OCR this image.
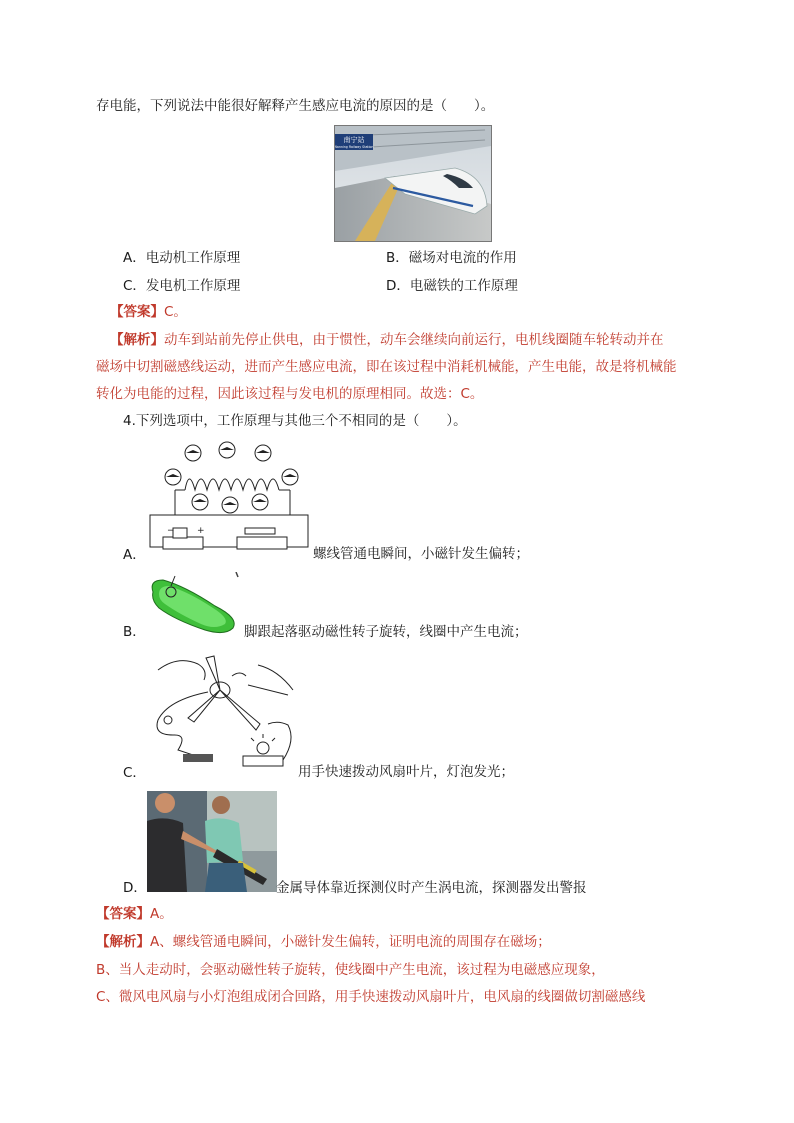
存电能，下列说法中能很好解释产生感应电流的原因的是（　　）。
南宁站
Nanning Railway Station
A．电动机工作原理	B．磁场对电流的作用
C．发电机工作原理	D．电磁铁的工作原理
【答案】C。
【解析】动车到站前先停止供电，由于惯性，动车会继续向前运行，电机线圈随车轮转动并在
磁场中切割磁感线运动，进而产生感应电流，即在该过程中消耗机械能，产生电能，故是将机械能
转化为电能的过程，因此该过程与发电机的原理相同。故选：C。
4.下列选项中，工作原理与其他三个不相同的是（　　）。
− +
A．	螺线管通电瞬间，小磁针发生偏转；
B．	脚跟起落驱动磁性转子旋转，线圈中产生电流；
C．	用手快速拨动风扇叶片，灯泡发光；
D．	金属导体靠近探测仪时产生涡电流，探测器发出警报
【答案】A。
【解析】A、螺线管通电瞬间，小磁针发生偏转，证明电流的周围存在磁场；
B、当人走动时，会驱动磁性转子旋转，使线圈中产生电流，该过程为电磁感应现象，
C、微风电风扇与小灯泡组成闭合回路，用手快速拨动风扇叶片，电风扇的线圈做切割磁感线
